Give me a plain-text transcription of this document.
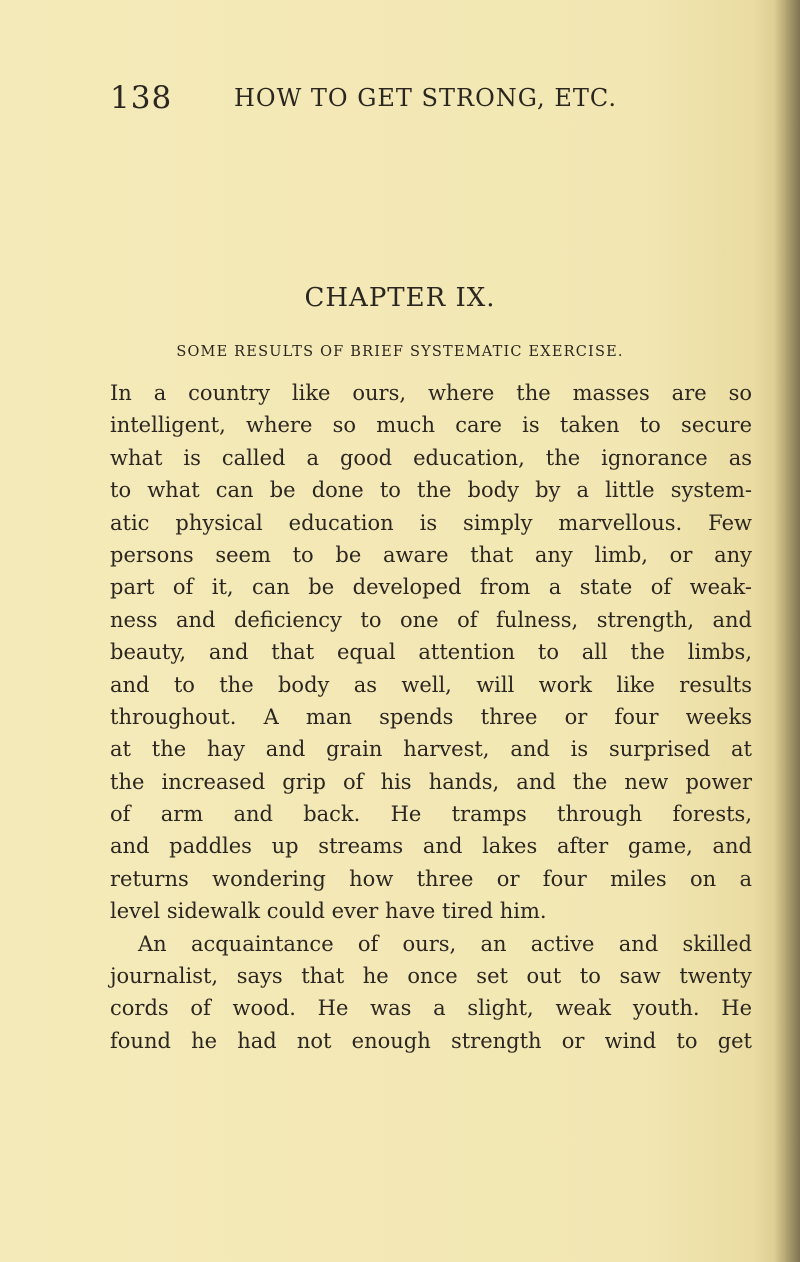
138	HOW TO GET STRONG, ETC.
CHAPTER IX.
SOME RESULTS OF BRIEF SYSTEMATIC EXERCISE.
In a country like ours, where the masses are so
intelligent, where so much care is taken to secure
what is called a good education, the ignorance as
to what can be done to the body by a little system-
atic physical education is simply marvellous. Few
persons seem to be aware that any limb, or any
part of it, can be developed from a state of weak-
ness and deficiency to one of fulness, strength, and
beauty, and that equal attention to all the limbs,
and to the body as well, will work like results
throughout. A man spends three or four weeks
at the hay and grain harvest, and is surprised at
the increased grip of his hands, and the new power
of arm and back. He tramps through forests,
and paddles up streams and lakes after game, and
returns wondering how three or four miles on a
level sidewalk could ever have tired him.
An acquaintance of ours, an active and skilled
journalist, says that he once set out to saw twenty
cords of wood. He was a slight, weak youth. He
found he had not enough strength or wind to get
